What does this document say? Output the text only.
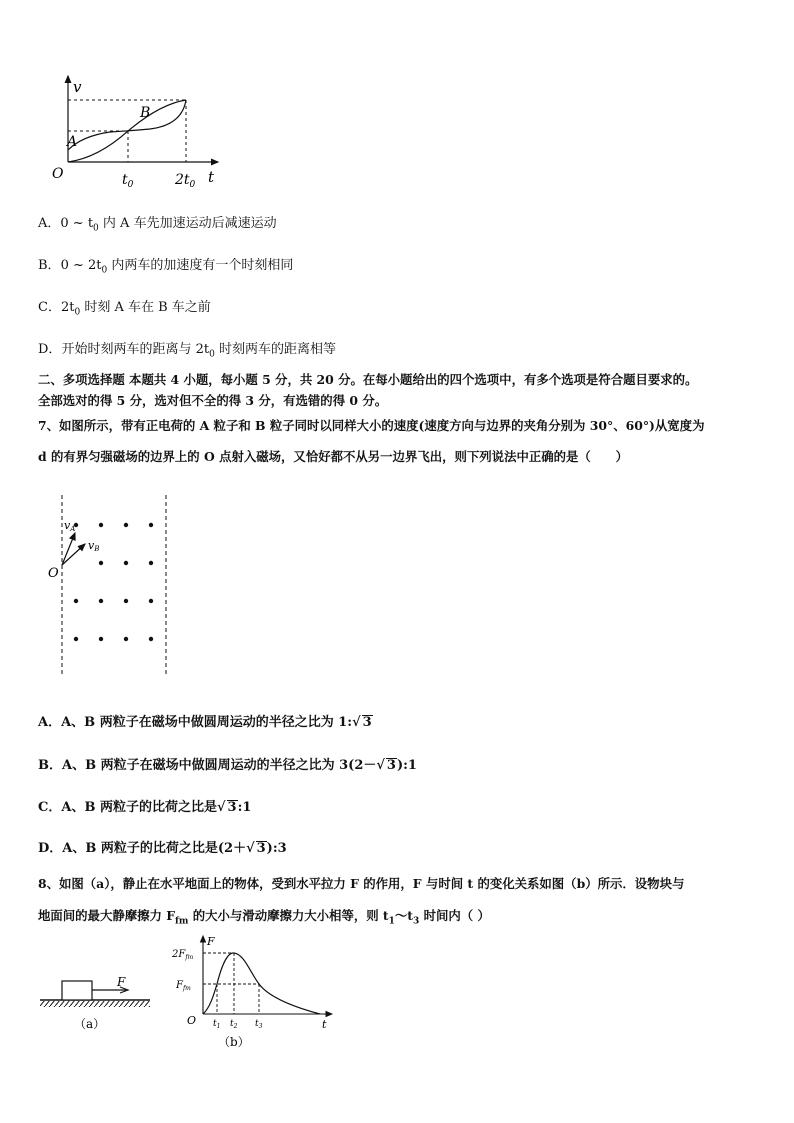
v
t
O
A
B
$t_0$	$2t_0$
A．0 ~ $t_0$ 内 A 车先加速运动后减速运动
B．0 ~ $2t_0$ 内两车的加速度有一个时刻相同
C．$2t_0$ 时刻 A 车在 B 车之前
D．开始时刻两车的距离与 $2t_0$ 时刻两车的距离相等
二、多项选择题 本题共 4 小题，每小题 5 分，共 20 分。在每小题给出的四个选项中，有多个选项是符合题目要求的。
全部选对的得 5 分，选对但不全的得 3 分，有选错的得 0 分。
7、如图所示，带有正电荷的 A 粒子和 B 粒子同时以同样大小的速度(速度方向与边界的夹角分别为 30°、60°)从宽度为
d 的有界匀强磁场的边界上的 O 点射入磁场，又恰好都不从另一边界飞出，则下列说法中正确的是（　　）
O
vA
vB
A．A、B 两粒子在磁场中做圆周运动的半径之比为 1:√ 3
B．A、B 两粒子在磁场中做圆周运动的半径之比为 3(2－√ 3):1
C．A、B 两粒子的比荷之比是√ 3:1
D．A、B 两粒子的比荷之比是(2＋√ 3):3
8、如图（a），静止在水平地面上的物体，受到水平拉力 F 的作用，F 与时间 t 的变化关系如图（b）所示．设物块与
地面间的最大静摩擦力 $F_{fm}$ 的大小与滑动摩擦力大小相等，则 $t_1\sim t_3$ 时间内（ ）
F
（a）
F
t
O
$2F_{fm}$
$F_{fm}$
$t_1$ $t_2$ $t_3$
（b）
